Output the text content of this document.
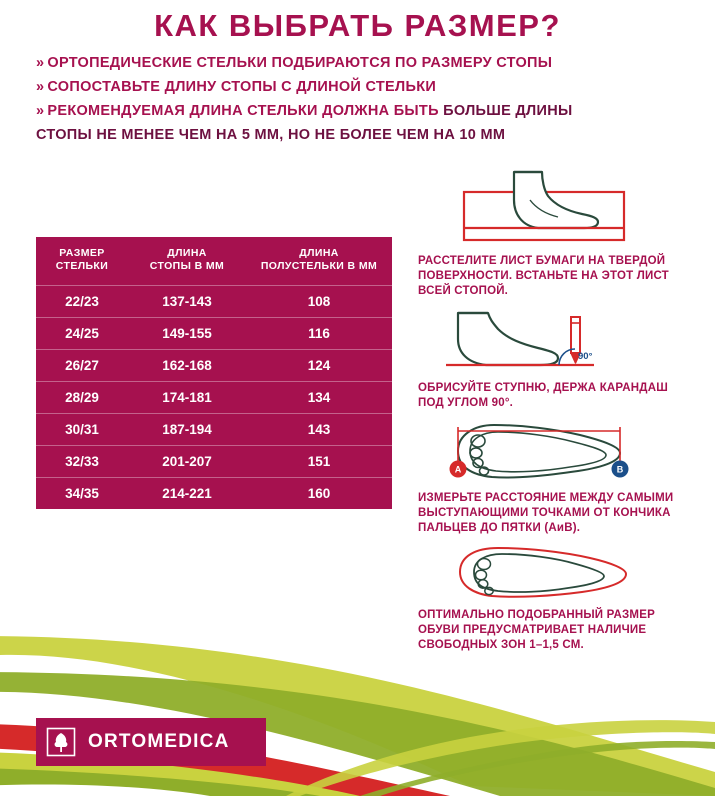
КАК ВЫБРАТЬ РАЗМЕР?
» ОРТОПЕДИЧЕСКИЕ СТЕЛЬКИ ПОДБИРАЮТСЯ ПО РАЗМЕРУ СТОПЫ
» СОПОСТАВЬТЕ ДЛИНУ СТОПЫ С ДЛИНОЙ СТЕЛЬКИ
» РЕКОМЕНДУЕМАЯ ДЛИНА СТЕЛЬКИ ДОЛЖНА БЫТЬ БОЛЬШЕ ДЛИНЫ
СТОПЫ НЕ МЕНЕЕ ЧЕМ НА 5 ММ, НО НЕ БОЛЕЕ ЧЕМ НА 10 ММ
РАЗМЕР
СТЕЛЬКИ

ДЛИНА
СТОПЫ В ММ

ДЛИНА
ПОЛУСТЕЛЬКИ В ММ

22/23	137-143	108
24/25	149-155	116
26/27	162-168	124
28/29	174-181	134
30/31	187-194	143
32/33	201-207	151
34/35	214-221	160
РАССТЕЛИТЕ ЛИСТ БУМАГИ НА ТВЕРДОЙ ПОВЕРХНОСТИ. ВСТАНЬТЕ НА ЭТОТ ЛИСТ ВСЕЙ СТОПОЙ.
90°
ОБРИСУЙТЕ СТУПНЮ, ДЕРЖА КАРАНДАШ ПОД УГЛОМ 90°.
A	B
ИЗМЕРЬТЕ РАССТОЯНИЕ МЕЖДУ САМЫМИ ВЫСТУПАЮЩИМИ ТОЧКАМИ ОТ КОНЧИКА ПАЛЬЦЕВ ДО ПЯТКИ (АиВ).
ОПТИМАЛЬНО ПОДОБРАННЫЙ РАЗМЕР ОБУВИ ПРЕДУСМАТРИВАЕТ НАЛИЧИЕ СВОБОДНЫХ ЗОН 1–1,5 СМ.
ORTOMEDICA
